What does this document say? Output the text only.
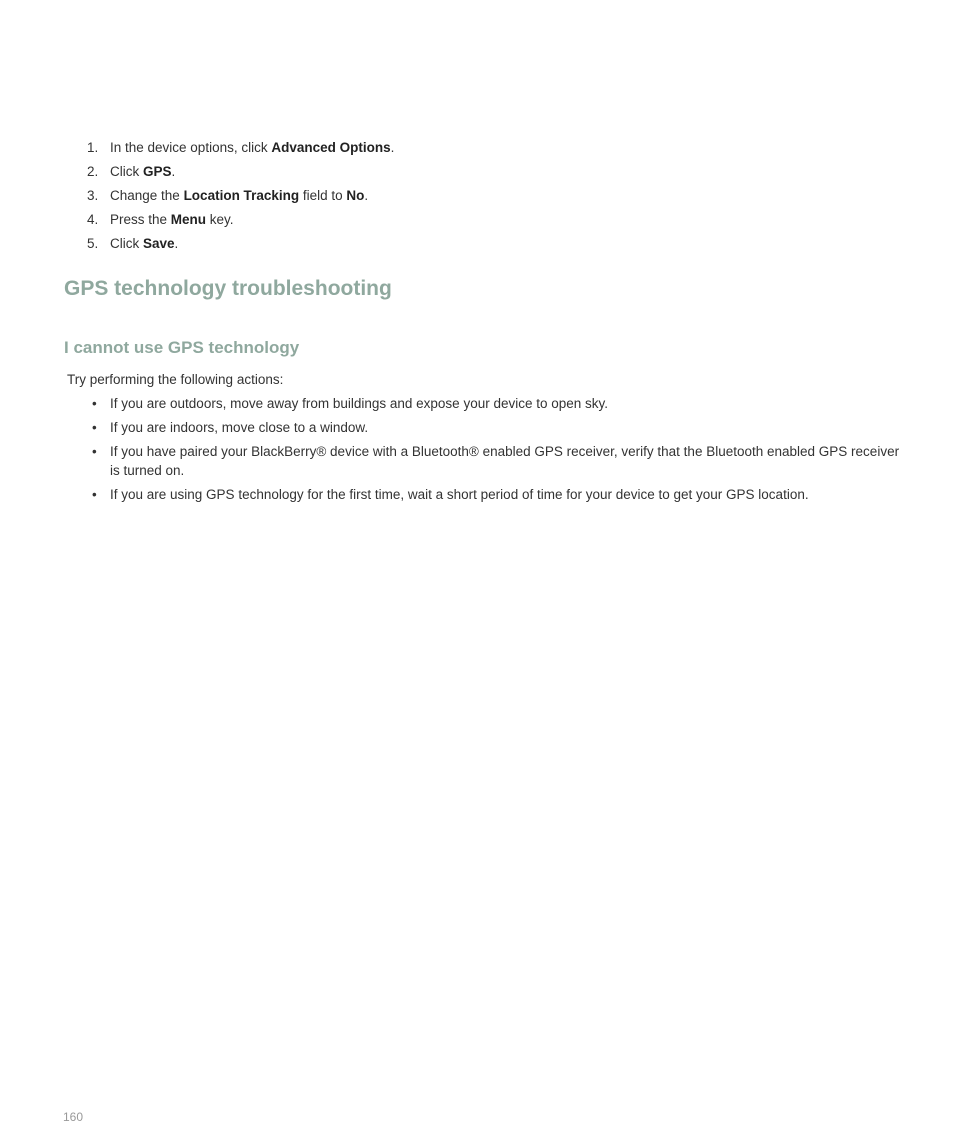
1. In the device options, click Advanced Options.
2. Click GPS.
3. Change the Location Tracking field to No.
4. Press the Menu key.
5. Click Save.
GPS technology troubleshooting
I cannot use GPS technology

Try performing the following actions:

• If you are outdoors, move away from buildings and expose your device to open sky.
• If you are indoors, move close to a window.
• If you have paired your BlackBerry® device with a Bluetooth® enabled GPS receiver, verify that the Bluetooth enabled GPS receiver is turned on.
• If you are using GPS technology for the first time, wait a short period of time for your device to get your GPS location.
160
